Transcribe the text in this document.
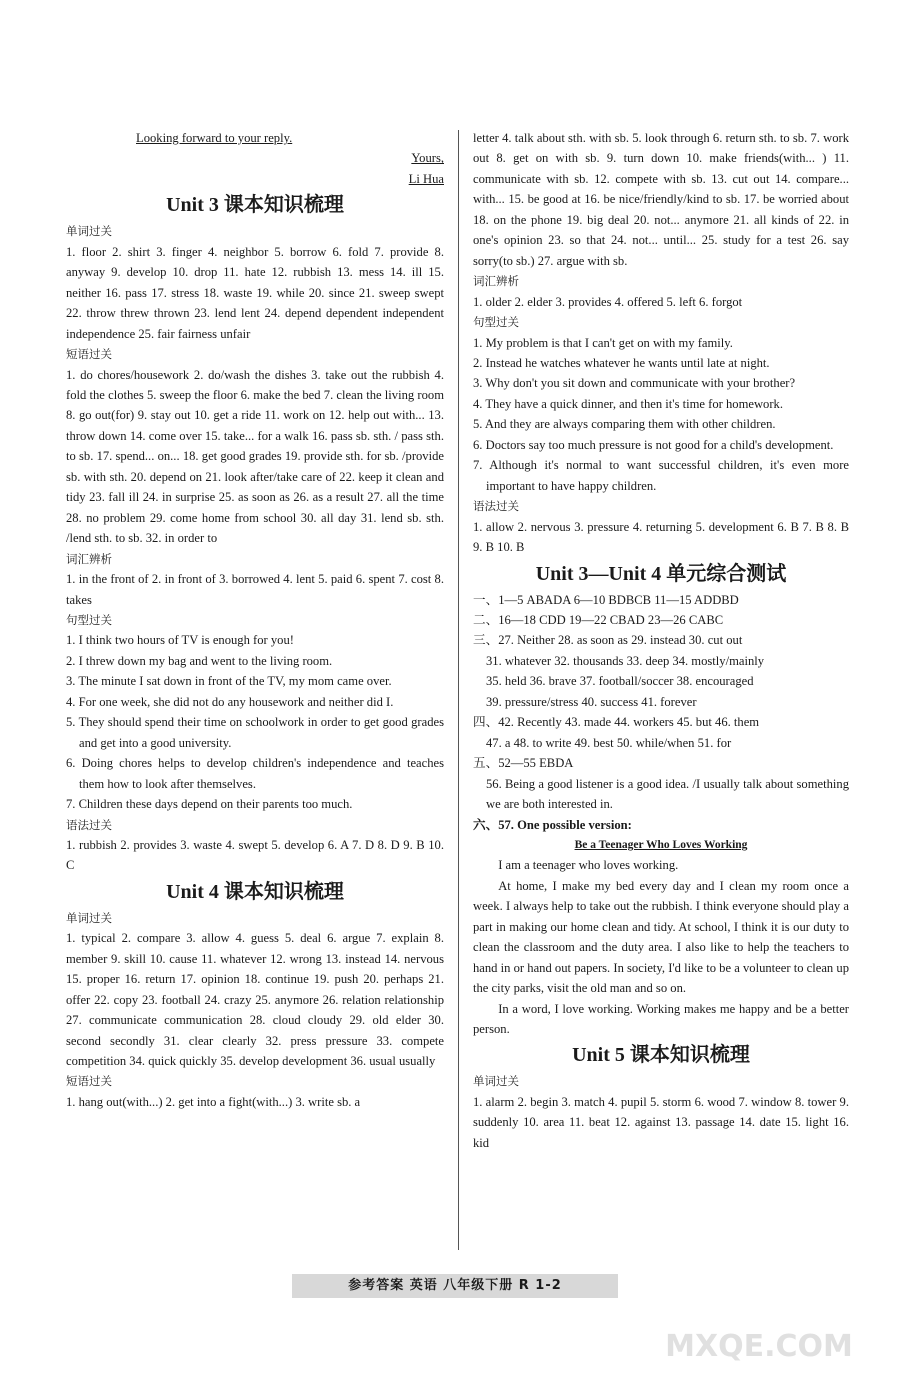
Looking forward to your reply.

Yours,

Li Hua

Unit 3 课本知识梳理

单词过关

1. floor 2. shirt 3. finger 4. neighbor 5. borrow 6. fold 7. provide 8. anyway 9. develop 10. drop 11. hate 12. rubbish 13. mess 14. ill 15. neither 16. pass 17. stress 18. waste 19. while 20. since 21. sweep swept 22. throw threw thrown 23. lend lent 24. depend dependent independent independence 25. fair fairness unfair

短语过关

1. do chores/housework 2. do/wash the dishes 3. take out the rubbish 4. fold the clothes 5. sweep the floor 6. make the bed 7. clean the living room 8. go out(for) 9. stay out 10. get a ride 11. work on 12. help out with... 13. throw down 14. come over 15. take... for a walk 16. pass sb. sth. / pass sth. to sb. 17. spend... on... 18. get good grades 19. provide sth. for sb. /provide sb. with sth. 20. depend on 21. look after/take care of 22. keep it clean and tidy 23. fall ill 24. in surprise 25. as soon as 26. as a result 27. all the time 28. no problem 29. come home from school 30. all day 31. lend sb. sth. /lend sth. to sb. 32. in order to

词汇辨析

1. in the front of 2. in front of 3. borrowed 4. lent 5. paid 6. spent 7. cost 8. takes

句型过关

1. I think two hours of TV is enough for you!

2. I threw down my bag and went to the living room.

3. The minute I sat down in front of the TV, my mom came over.

4. For one week, she did not do any housework and neither did I.

5. They should spend their time on schoolwork in order to get good grades and get into a good university.

6. Doing chores helps to develop children's independence and teaches them how to look after themselves.

7. Children these days depend on their parents too much.

语法过关

1. rubbish 2. provides 3. waste 4. swept 5. develop 6. A 7. D 8. D 9. B 10. C

Unit 4 课本知识梳理

单词过关

1. typical 2. compare 3. allow 4. guess 5. deal 6. argue 7. explain 8. member 9. skill 10. cause 11. whatever 12. wrong 13. instead 14. nervous 15. proper 16. return 17. opinion 18. continue 19. push 20. perhaps 21. offer 22. copy 23. football 24. crazy 25. anymore 26. relation relationship 27. communicate communication 28. cloud cloudy 29. old elder 30. second secondly 31. clear clearly 32. press pressure 33. compete competition 34. quick quickly 35. develop development 36. usual usually

短语过关

1. hang out(with...) 2. get into a fight(with...) 3. write sb. a

letter 4. talk about sth. with sb. 5. look through 6. return sth. to sb. 7. work out 8. get on with sb. 9. turn down 10. make friends(with... ) 11. communicate with sb. 12. compete with sb. 13. cut out 14. compare... with... 15. be good at 16. be nice/friendly/kind to sb. 17. be worried about 18. on the phone 19. big deal 20. not... anymore 21. all kinds of 22. in one's opinion 23. so that 24. not... until... 25. study for a test 26. say sorry(to sb.) 27. argue with sb.

词汇辨析

1. older 2. elder 3. provides 4. offered 5. left 6. forgot

句型过关

1. My problem is that I can't get on with my family.

2. Instead he watches whatever he wants until late at night.

3. Why don't you sit down and communicate with your brother?

4. They have a quick dinner, and then it's time for homework.

5. And they are always comparing them with other children.

6. Doctors say too much pressure is not good for a child's development.

7. Although it's normal to want successful children, it's even more important to have happy children.

语法过关

1. allow 2. nervous 3. pressure 4. returning 5. development 6. B 7. B 8. B 9. B 10. B

Unit 3—Unit 4 单元综合测试

一、1—5 ABADA 6—10 BDBCB 11—15 ADDBD

二、16—18 CDD 19—22 CBAD 23—26 CABC

三、27. Neither 28. as soon as 29. instead 30. cut out

31. whatever 32. thousands 33. deep 34. mostly/mainly

35. held 36. brave 37. football/soccer 38. encouraged

39. pressure/stress 40. success 41. forever

四、42. Recently 43. made 44. workers 45. but 46. them

47. a 48. to write 49. best 50. while/when 51. for

五、52—55 EBDA

56. Being a good listener is a good idea. /I usually talk about something we are both interested in.

六、57. One possible version:

Be a Teenager Who Loves Working

I am a teenager who loves working.

At home, I make my bed every day and I clean my room once a week. I always help to take out the rubbish. I think everyone should play a part in making our home clean and tidy. At school, I think it is our duty to clean the classroom and the duty area. I also like to help the teachers to hand in or hand out papers. In society, I'd like to be a volunteer to clean up the city parks, visit the old man and so on.

In a word, I love working. Working makes me happy and be a better person.

Unit 5 课本知识梳理

单词过关

1. alarm 2. begin 3. match 4. pupil 5. storm 6. wood 7. window 8. tower 9. suddenly 10. area 11. beat 12. against 13. passage 14. date 15. light 16. kid

参考答案 英语 八年级下册 R 1-2
MXQE.COM
